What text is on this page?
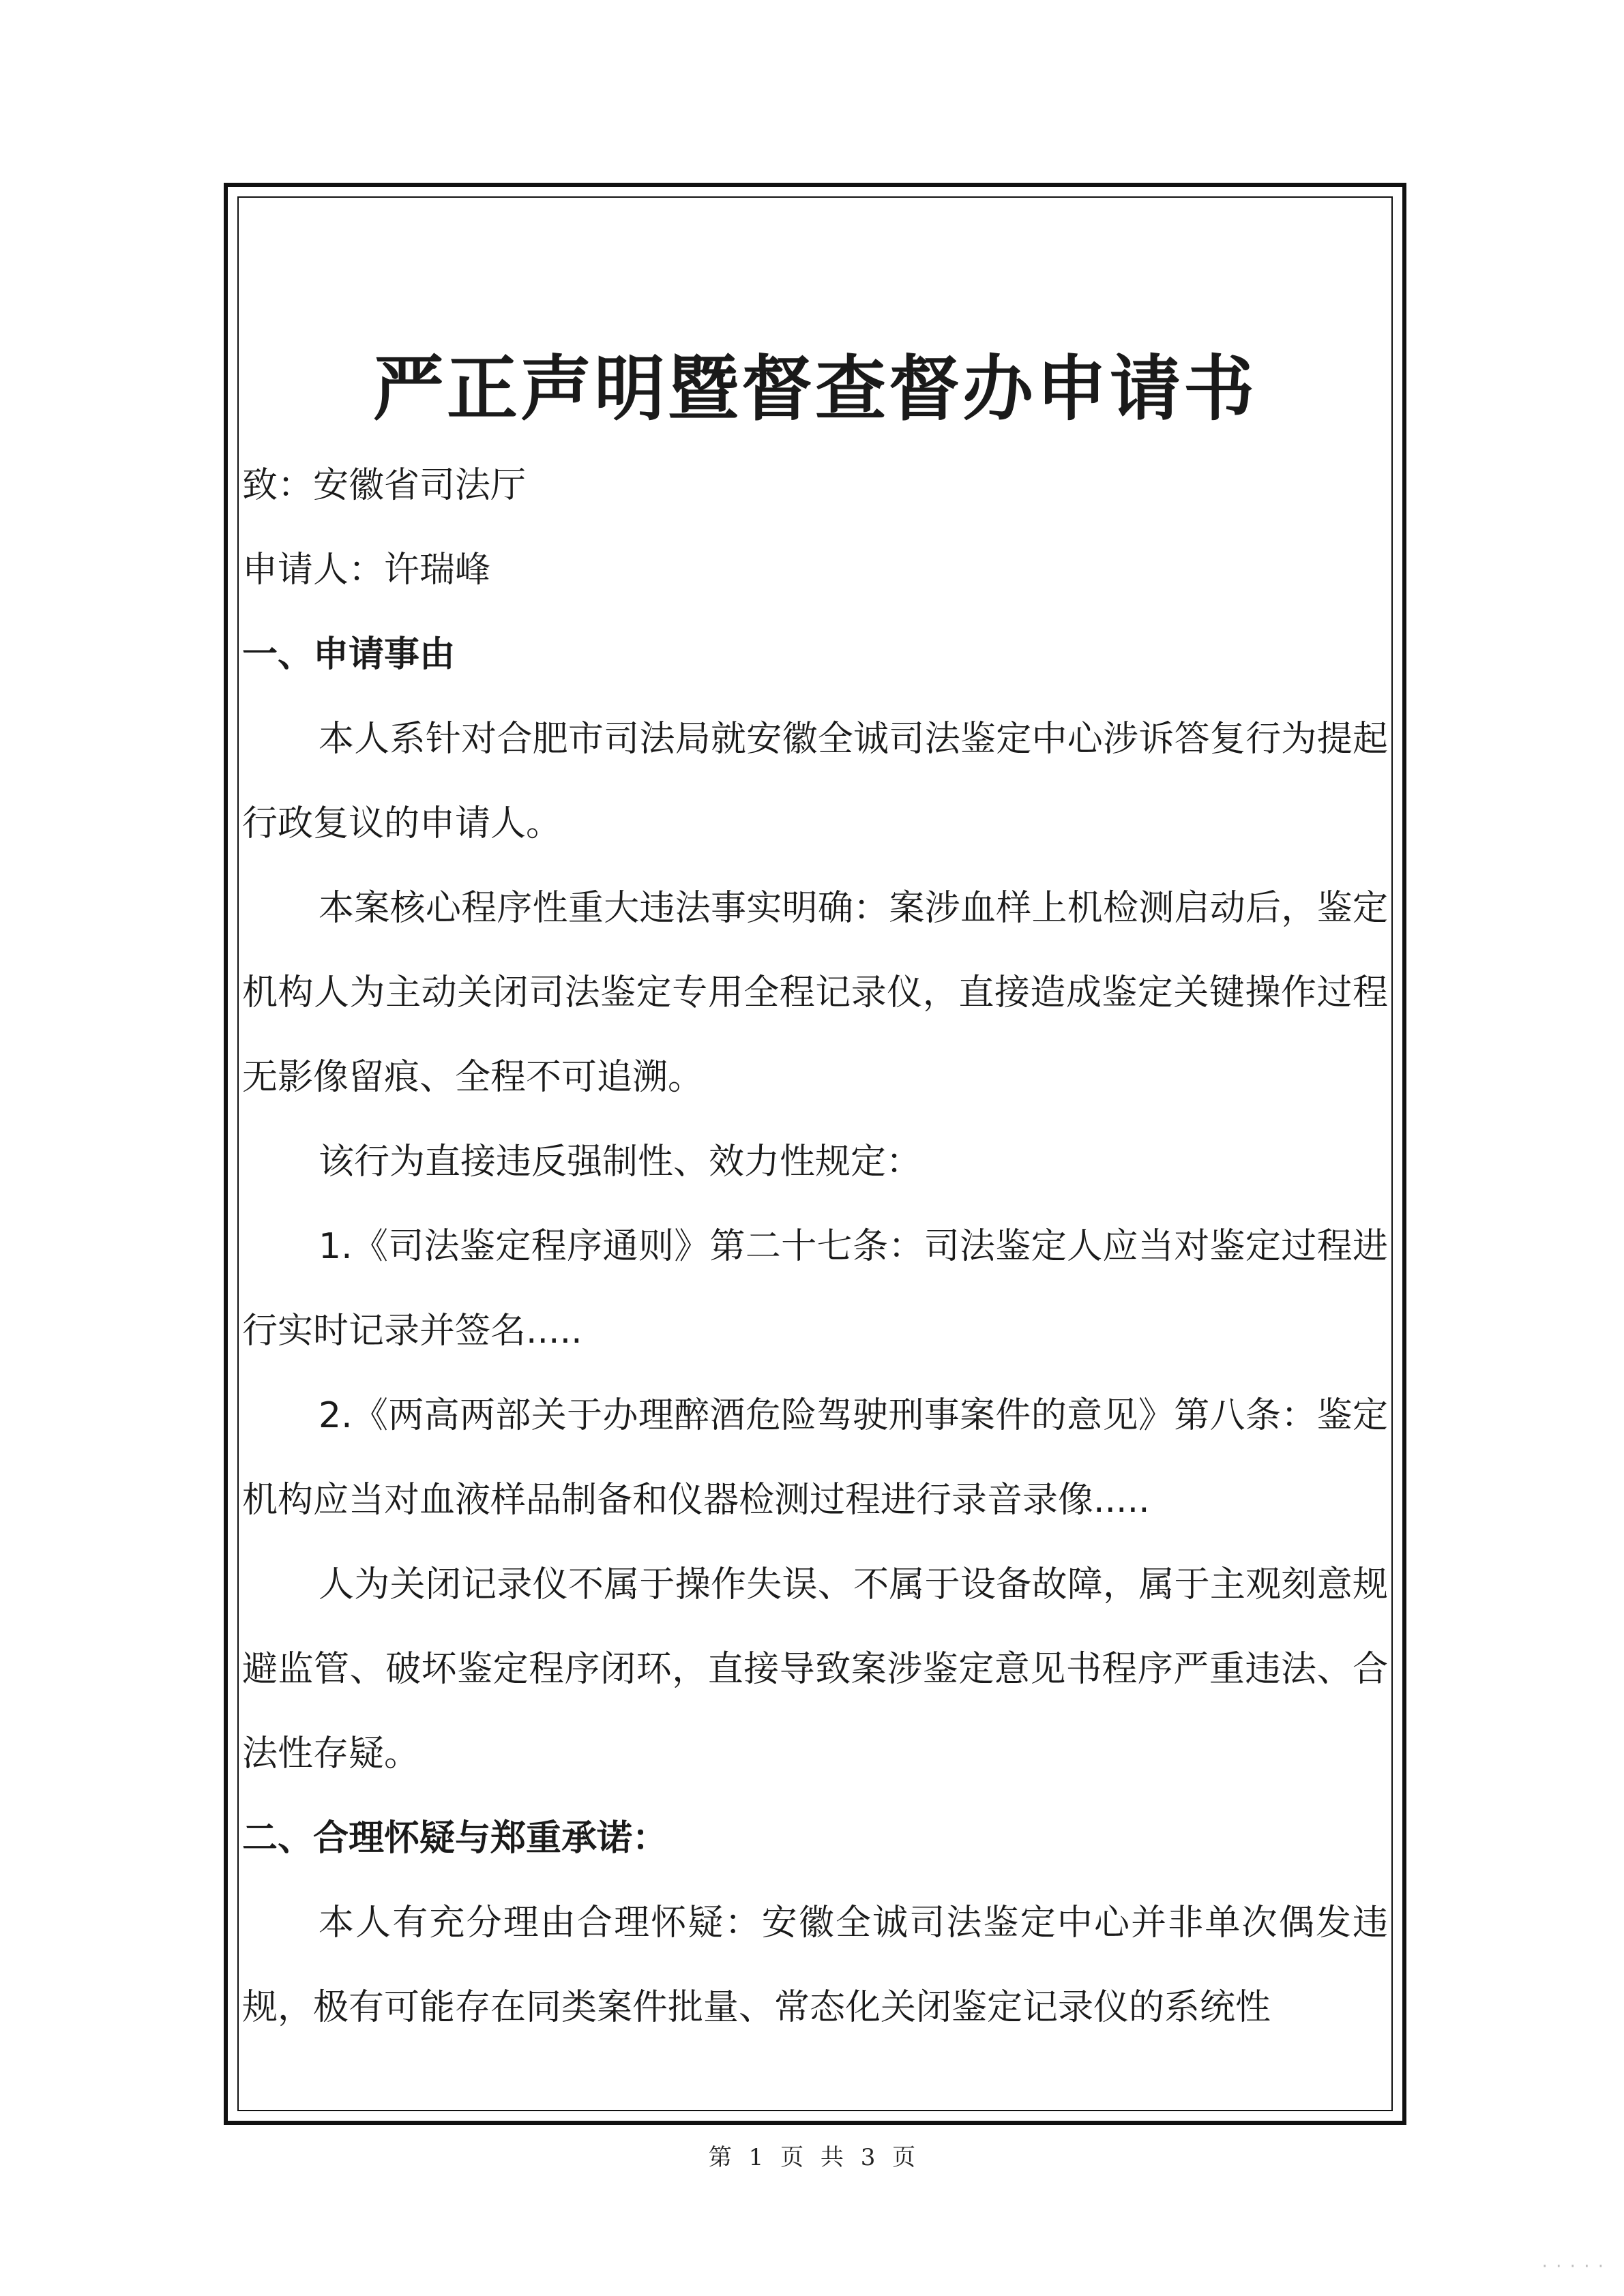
严正声明暨督查督办申请书

致：安徽省司法厅

申请人：许瑞峰

一、申请事由

本人系针对合肥市司法局就安徽全诚司法鉴定中心涉诉答复行为提起行政复议的申请人。

本案核心程序性重大违法事实明确：案涉血样上机检测启动后，鉴定机构人为主动关闭司法鉴定专用全程记录仪，直接造成鉴定关键操作过程无影像留痕、全程不可追溯。

该行为直接违反强制性、效力性规定：

1.《司法鉴定程序通则》第二十七条：司法鉴定人应当对鉴定过程进行实时记录并签名.....

2.《两高两部关于办理醉酒危险驾驶刑事案件的意见》第八条：鉴定机构应当对血液样品制备和仪器检测过程进行录音录像.....

人为关闭记录仪不属于操作失误、不属于设备故障，属于主观刻意规避监管、破坏鉴定程序闭环，直接导致案涉鉴定意见书程序严重违法、合法性存疑。

二、合理怀疑与郑重承诺：

本人有充分理由合理怀疑：安徽全诚司法鉴定中心并非单次偶发违规，极有可能存在同类案件批量、常态化关闭鉴定记录仪的系统性

第 1 页 共 3 页
· · · · ·
